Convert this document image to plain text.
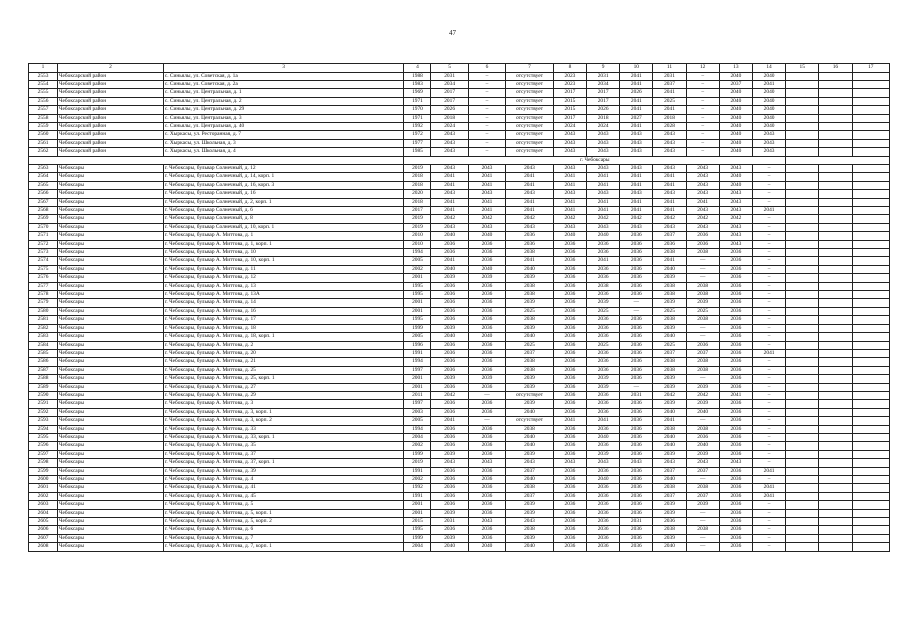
47
1	2	3	4	5	6	7	8	9	10	11	12	13	14	15	16	17
2553	Чебоксарский район	с. Синьялы, ул. Советская, д. 1а	1988	2031	–	отсутствует	2023	2031	2041	2031	–	2040	2040			
2554	Чебоксарский район	с. Синьялы, ул. Советская, д. 2а	1983	2034	–	отсутствует	2023	2034	2041	2037	–	2037	2041			
2555	Чебоксарский район	с. Синьялы, ул. Центральная, д. 1	1969	2017	–	отсутствует	2017	2017	2026	2041	–	2040	2040			
2556	Чебоксарский район	с. Синьялы, ул. Центральная, д. 2	1971	2017	–	отсутствует	2015	2017	2041	2025	–	2040	2040			
2557	Чебоксарский район	с. Синьялы, ул. Центральная, д. 29	1970	2026	–	отсутствует	2015	2026	2041	2041	–	2040	2040			
2558	Чебоксарский район	с. Синьялы, ул. Центральная, д. 3	1971	2018	–	отсутствует	2017	2018	2027	2018	–	2040	2040			
2559	Чебоксарский район	с. Синьялы, ул. Центральная, д. 40	1992	2024	–	отсутствует	2024	2024	2041	2028	–	2040	2040			
2560	Чебоксарский район	с. Хыркасы, ул. Ресторанная, д. 7	1972	2043	–	отсутствует	2043	2043	2043	2043	–	2040	2043			
2561	Чебоксарский район	с. Хыркасы, ул. Школьная, д. 3	1977	2043	–	отсутствует	2043	2043	2043	2043	–	2040	2043			
2562	Чебоксарский район	с. Хыркасы, ул. Школьная, д. 4	1985	2043	–	отсутствует	2043	2043	2043	2043	–	2040	2043			
			г. Чебоксары													
2563	Чебоксары	г. Чебоксары, бульвар Солнечный, д. 12	2019	2043	2043	2043	2043	2043	2043	2043	2043	2043	–			
2564	Чебоксары	г. Чебоксары, бульвар Солнечный, д. 14, корп. 1	2018	2041	2041	2041	2041	2041	2041	2041	2043	2040	–			
2565	Чебоксары	г. Чебоксары, бульвар Солнечный, д. 16, корп. 3	2018	2041	2041	2041	2041	2041	2041	2041	2043	2040	–			
2566	Чебоксары	г. Чебоксары, бульвар Солнечный, д. 16	2020	2043	2043	2043	2043	2043	2043	2043	2043	2043	–			
2567	Чебоксары	г. Чебоксары, бульвар Солнечный, д. 2, корп. 1	2018	2041	2041	2041	2041	2041	2041	2041	2041	2043	–			
2568	Чебоксары	г. Чебоксары, бульвар Солнечный, д. 6	2017	2041	2041	2041	2041	2041	2041	2041	2043	2043	2041			
2569	Чебоксары	г. Чебоксары, бульвар Солнечный, д. 8	2019	2042	2042	2042	2042	2042	2042	2042	2042	2042	–			
2570	Чебоксары	г. Чебоксары, бульвар Солнечный, д. 10, корп. 1	2019	2043	2043	2043	2043	2043	2043	2043	2043	2043	–			
2571	Чебоксары	г. Чебоксары, бульвар А. Миттова, д. 1	2010	2040	2040	2036	2040	2040	2036	2037	2036	2043	–			
2572	Чебоксары	г. Чебоксары, бульвар А. Миттова, д. 1, корп. 1	2010	2036	2036	2036	2036	2036	2036	2036	2036	2043	–			
2573	Чебоксары	г. Чебоксары, бульвар А. Миттова, д. 10	1994	2036	2036	2038	2036	2036	2036	2038	2038	2036	–			
2574	Чебоксары	г. Чебоксары, бульвар А. Миттова, д. 10, корп. 1	2005	2041	2036	2041	2036	2041	2036	2041	—	2036	–			
2575	Чебоксары	г. Чебоксары, бульвар А. Миттова, д. 11	2002	2040	2040	2040	2036	2036	2036	2040	—	2036	–			
2576	Чебоксары	г. Чебоксары, бульвар А. Миттова, д. 12	2001	2039	2039	2039	2036	2036	2036	2039	—	2036	–			
2577	Чебоксары	г. Чебоксары, бульвар А. Миттова, д. 13	1995	2036	2036	2038	2036	2038	2036	2038	2038	2036	–			
2578	Чебоксары	г. Чебоксары, бульвар А. Миттова, д. 13А	1995	2036	2036	2038	2036	2036	2036	2038	2038	2036	–			
2579	Чебоксары	г. Чебоксары, бульвар А. Миттова, д. 14	2001	2036	2036	2039	2036	2039	—	2039	2039	2036	–			
2580	Чебоксары	г. Чебоксары, бульвар А. Миттова, д. 16	2001	2036	2036	2025	2036	2025	—	2025	2025	2036	–			
2581	Чебоксары	г. Чебоксары, бульвар А. Миттова, д. 17	1995	2036	2036	2038	2036	2036	2036	2038	2038	2036	–			
2582	Чебоксары	г. Чебоксары, бульвар А. Миттова, д. 18	1999	2039	2036	2039	2036	2036	2036	2039	—	2036	–			
2583	Чебоксары	г. Чебоксары, бульвар А. Миттова, д. 18, корп. 1	2005	2040	2040	2040	2036	2036	2036	2040	—	2036	–			
2584	Чебоксары	г. Чебоксары, бульвар А. Миттова, д. 2	1996	2036	2036	2025	2036	2025	2036	2025	2036	2036	–			
2585	Чебоксары	г. Чебоксары, бульвар А. Миттова, д. 20	1991	2036	2036	2037	2036	2036	2036	2037	2037	2036	2041			
2586	Чебоксары	г. Чебоксары, бульвар А. Миттова, д. 21	1994	2036	2036	2038	2036	2036	2036	2038	2038	2036	–			
2587	Чебоксары	г. Чебоксары, бульвар А. Миттова, д. 25	1997	2036	2036	2038	2036	2036	2036	2038	2038	2036	–			
2588	Чебоксары	г. Чебоксары, бульвар А. Миттова, д. 25, корп. 1	2001	2039	2039	2039	2036	2039	2036	2039	—	2036	–			
2589	Чебоксары	г. Чебоксары, бульвар А. Миттова, д. 27	2001	2036	2036	2039	2036	2039	—	2039	2039	2036	–			
2590	Чебоксары	г. Чебоксары, бульвар А. Миттова, д. 29	2011	2042	—	отсутствует	2036	2036	2031	2042	2042	2041	–			
2591	Чебоксары	г. Чебоксары, бульвар А. Миттова, д. 3	1997	2036	2036	2039	2036	2036	2036	2039	2039	2036	–			
2592	Чебоксары	г. Чебоксары, бульвар А. Миттова, д. 3, корп. 1	2003	2036	2036	2040	2036	2036	2036	2040	2040	2036	–			
2593	Чебоксары	г. Чебоксары, бульвар А. Миттова, д. 3, корп. 2	2005	2041	—	отсутствует	2041	2041	2036	2041	—	2036	–			
2594	Чебоксары	г. Чебоксары, бульвар А. Миттова, д. 33	1994	2036	2036	2038	2036	2036	2036	2038	2038	2036	–			
2595	Чебоксары	г. Чебоксары, бульвар А. Миттова, д. 33, корп. 1	2004	2036	2036	2040	2036	2040	2036	2040	2036	2036	–			
2596	Чебоксары	г. Чебоксары, бульвар А. Миттова, д. 35	2002	2036	2036	2040	2036	2036	2036	2040	2040	2036	–			
2597	Чебоксары	г. Чебоксары, бульвар А. Миттова, д. 37	1999	2039	2036	2039	2036	2039	2036	2039	2039	2036	–			
2598	Чебоксары	г. Чебоксары, бульвар А. Миттова, д. 37, корп. 1	2019	2043	2043	2043	2043	2043	2043	2043	2043	2043	–			
2599	Чебоксары	г. Чебоксары, бульвар А. Миттова, д. 39	1991	2036	2036	2037	2036	2036	2036	2037	2037	2036	2041			
2600	Чебоксары	г. Чебоксары, бульвар А. Миттова, д. 4	2002	2036	2036	2040	2036	2040	2036	2040	—	2036	–			
2601	Чебоксары	г. Чебоксары, бульвар А. Миттова, д. 41	1992	2036	2036	2038	2036	2036	2036	2038	2038	2036	2041			
2602	Чебоксары	г. Чебоксары, бульвар А. Миттова, д. 45	1991	2036	2036	2037	2036	2036	2036	2037	2037	2036	2041			
2603	Чебоксары	г. Чебоксары, бульвар А. Миттова, д. 5	2001	2036	2036	2039	2036	2036	2036	2039	2039	2036	–			
2604	Чебоксары	г. Чебоксары, бульвар А. Миттова, д. 5, корп. 1	2001	2039	2036	2039	2036	2036	2036	2039	—	2036	–			
2605	Чебоксары	г. Чебоксары, бульвар А. Миттова, д. 5, корп. 2	2015	2031	2043	2043	2036	2036	2031	2036	—	2036	–			
2606	Чебоксары	г. Чебоксары, бульвар А. Миттова, д. 6	1995	2036	2036	2038	2036	2036	2036	2038	2038	2036	–			
2607	Чебоксары	г. Чебоксары, бульвар А. Миттова, д. 7	1999	2039	2036	2039	2036	2036	2036	2039	—	2036	–			
2608	Чебоксары	г. Чебоксары, бульвар А. Миттова, д. 7, корп. 1	2004	2040	2040	2040	2036	2036	2036	2040	—	2036	–			
